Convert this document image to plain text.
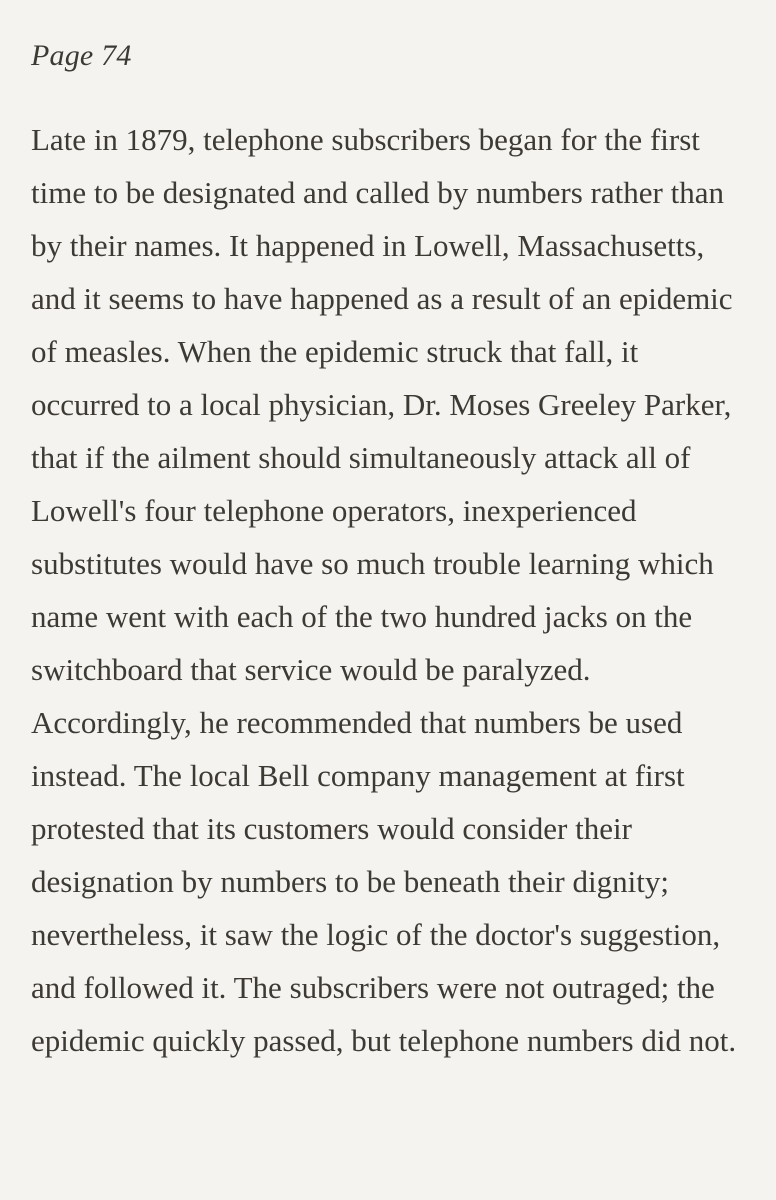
Page 74

Late in 1879, telephone subscribers began for the first time to be designated and called by numbers rather than by their names. It happened in Lowell, Massachusetts, and it seems to have happened as a result of an epidemic of measles. When the epidemic struck that fall, it occurred to a local physician, Dr. Moses Greeley Parker, that if the ailment should simultaneously attack all of Lowell's four telephone operators, inexperienced substitutes would have so much trouble learning which name went with each of the two hundred jacks on the switchboard that service would be paralyzed. Accordingly, he recommended that numbers be used instead. The local Bell company management at first protested that its customers would consider their designation by numbers to be beneath their dignity; nevertheless, it saw the logic of the doctor's suggestion, and followed it. The subscribers were not outraged; the epidemic quickly passed, but telephone numbers did not.
